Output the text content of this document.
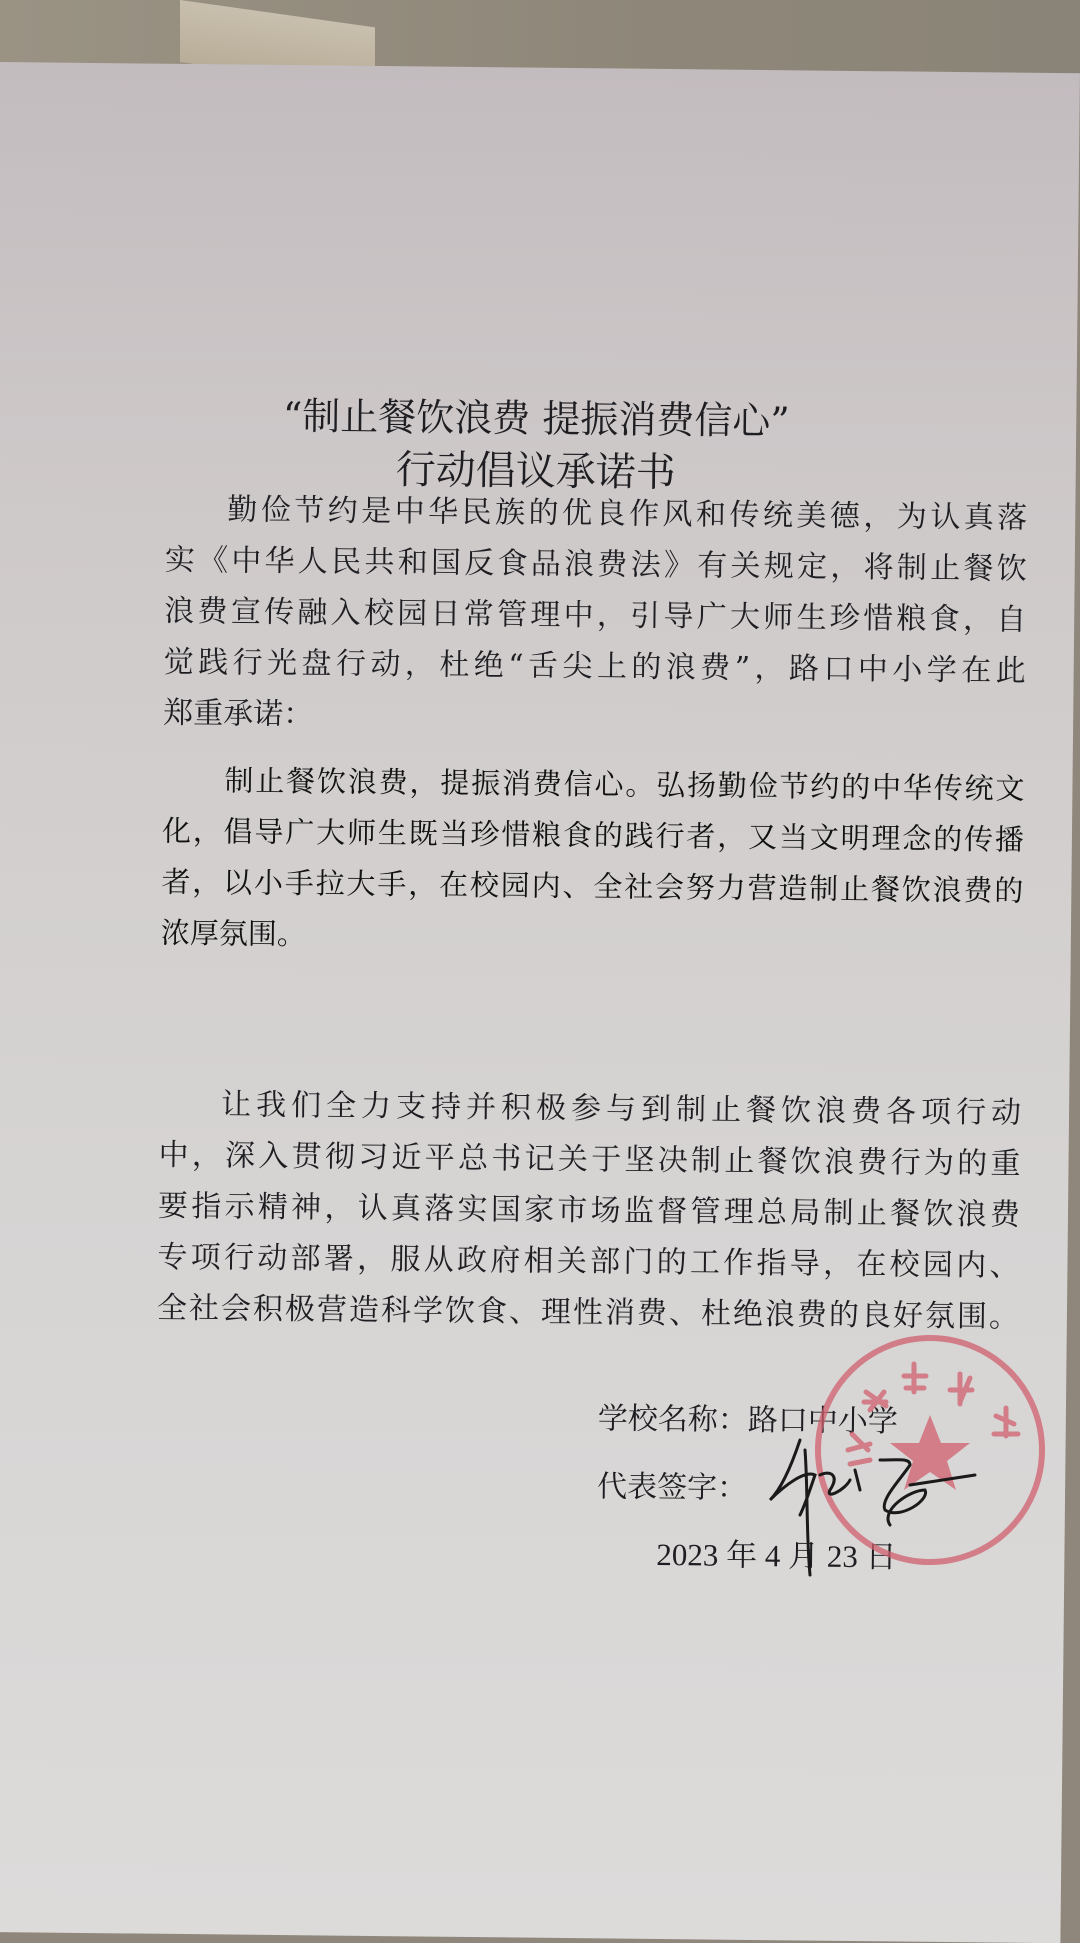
“制止餐饮浪费 提振消费信心”
行动倡议承诺书
勤俭节约是中华民族的优良作风和传统美德，为认真落
实《中华人民共和国反食品浪费法》有关规定，将制止餐饮
浪费宣传融入校园日常管理中，引导广大师生珍惜粮食，自
觉践行光盘行动，杜绝“舌尖上的浪费”，路口中小学在此
郑重承诺：
制止餐饮浪费，提振消费信心。弘扬勤俭节约的中华传统文
化，倡导广大师生既当珍惜粮食的践行者，又当文明理念的传播
者，以小手拉大手，在校园内、全社会努力营造制止餐饮浪费的
浓厚氛围。
让我们全力支持并积极参与到制止餐饮浪费各项行动
中，深入贯彻习近平总书记关于坚决制止餐饮浪费行为的重
要指示精神，认真落实国家市场监督管理总局制止餐饮浪费
专项行动部署，服从政府相关部门的工作指导，在校园内、
全社会积极营造科学饮食、理性消费、杜绝浪费的良好氛围。
学校名称：路口中小学
代表签字：
2023 年 4 月 23 日
